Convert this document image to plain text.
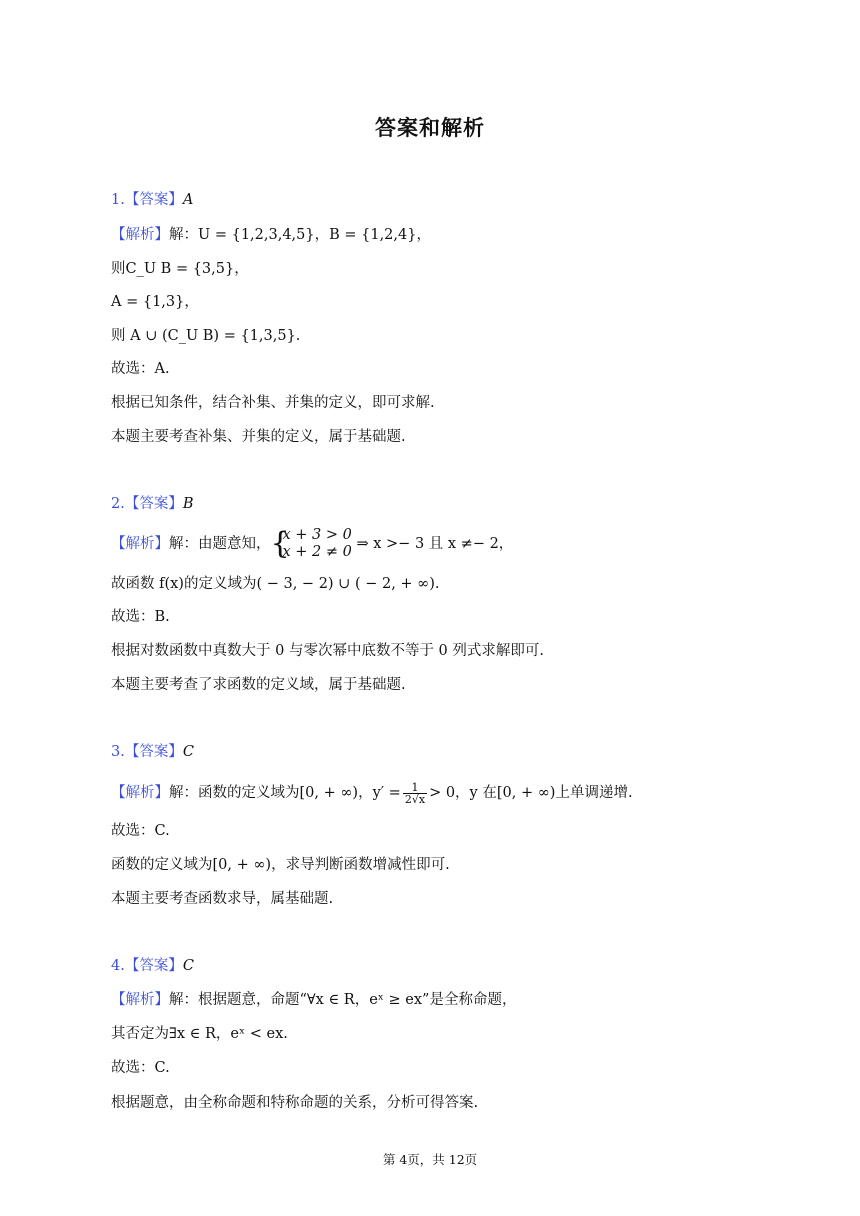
答案和解析
1.【答案】A
【解析】解：U = {1,2,3,4,5}，B = {1,2,4}，
则C_U B = {3,5}，
A = {1,3}，
则 A ∪ (C_U B) = {1,3,5}.
故选：A.
根据已知条件，结合补集、并集的定义，即可求解.
本题主要考查补集、并集的定义，属于基础题.
2.【答案】B
【解析】解：由题意知， {
x + 3 > 0
x + 2 ≠ 0 ⇒ x >− 3 且 x ≠− 2，
故函数 f(x)的定义域为( − 3, − 2) ∪ ( − 2, + ∞).
故选：B.
根据对数函数中真数大于 0 与零次幂中底数不等于 0 列式求解即可.
本题主要考查了求函数的定义域，属于基础题.
3.【答案】C
【解析】解：函数的定义域为[0, + ∞)，$y' = \frac{1}{2√x} > 0$，y 在[0, + ∞)上单调递增.
故选：C.
函数的定义域为[0, + ∞)，求导判断函数增减性即可.
本题主要考查函数求导，属基础题.
4.【答案】C
【解析】解：根据题意，命题“∀x ∈ R，eˣ ≥ ex”是全称命题，
其否定为∃x ∈ R，eˣ < ex.
故选：C.
根据题意，由全称命题和特称命题的关系，分析可得答案.
第 4页，共 12页
